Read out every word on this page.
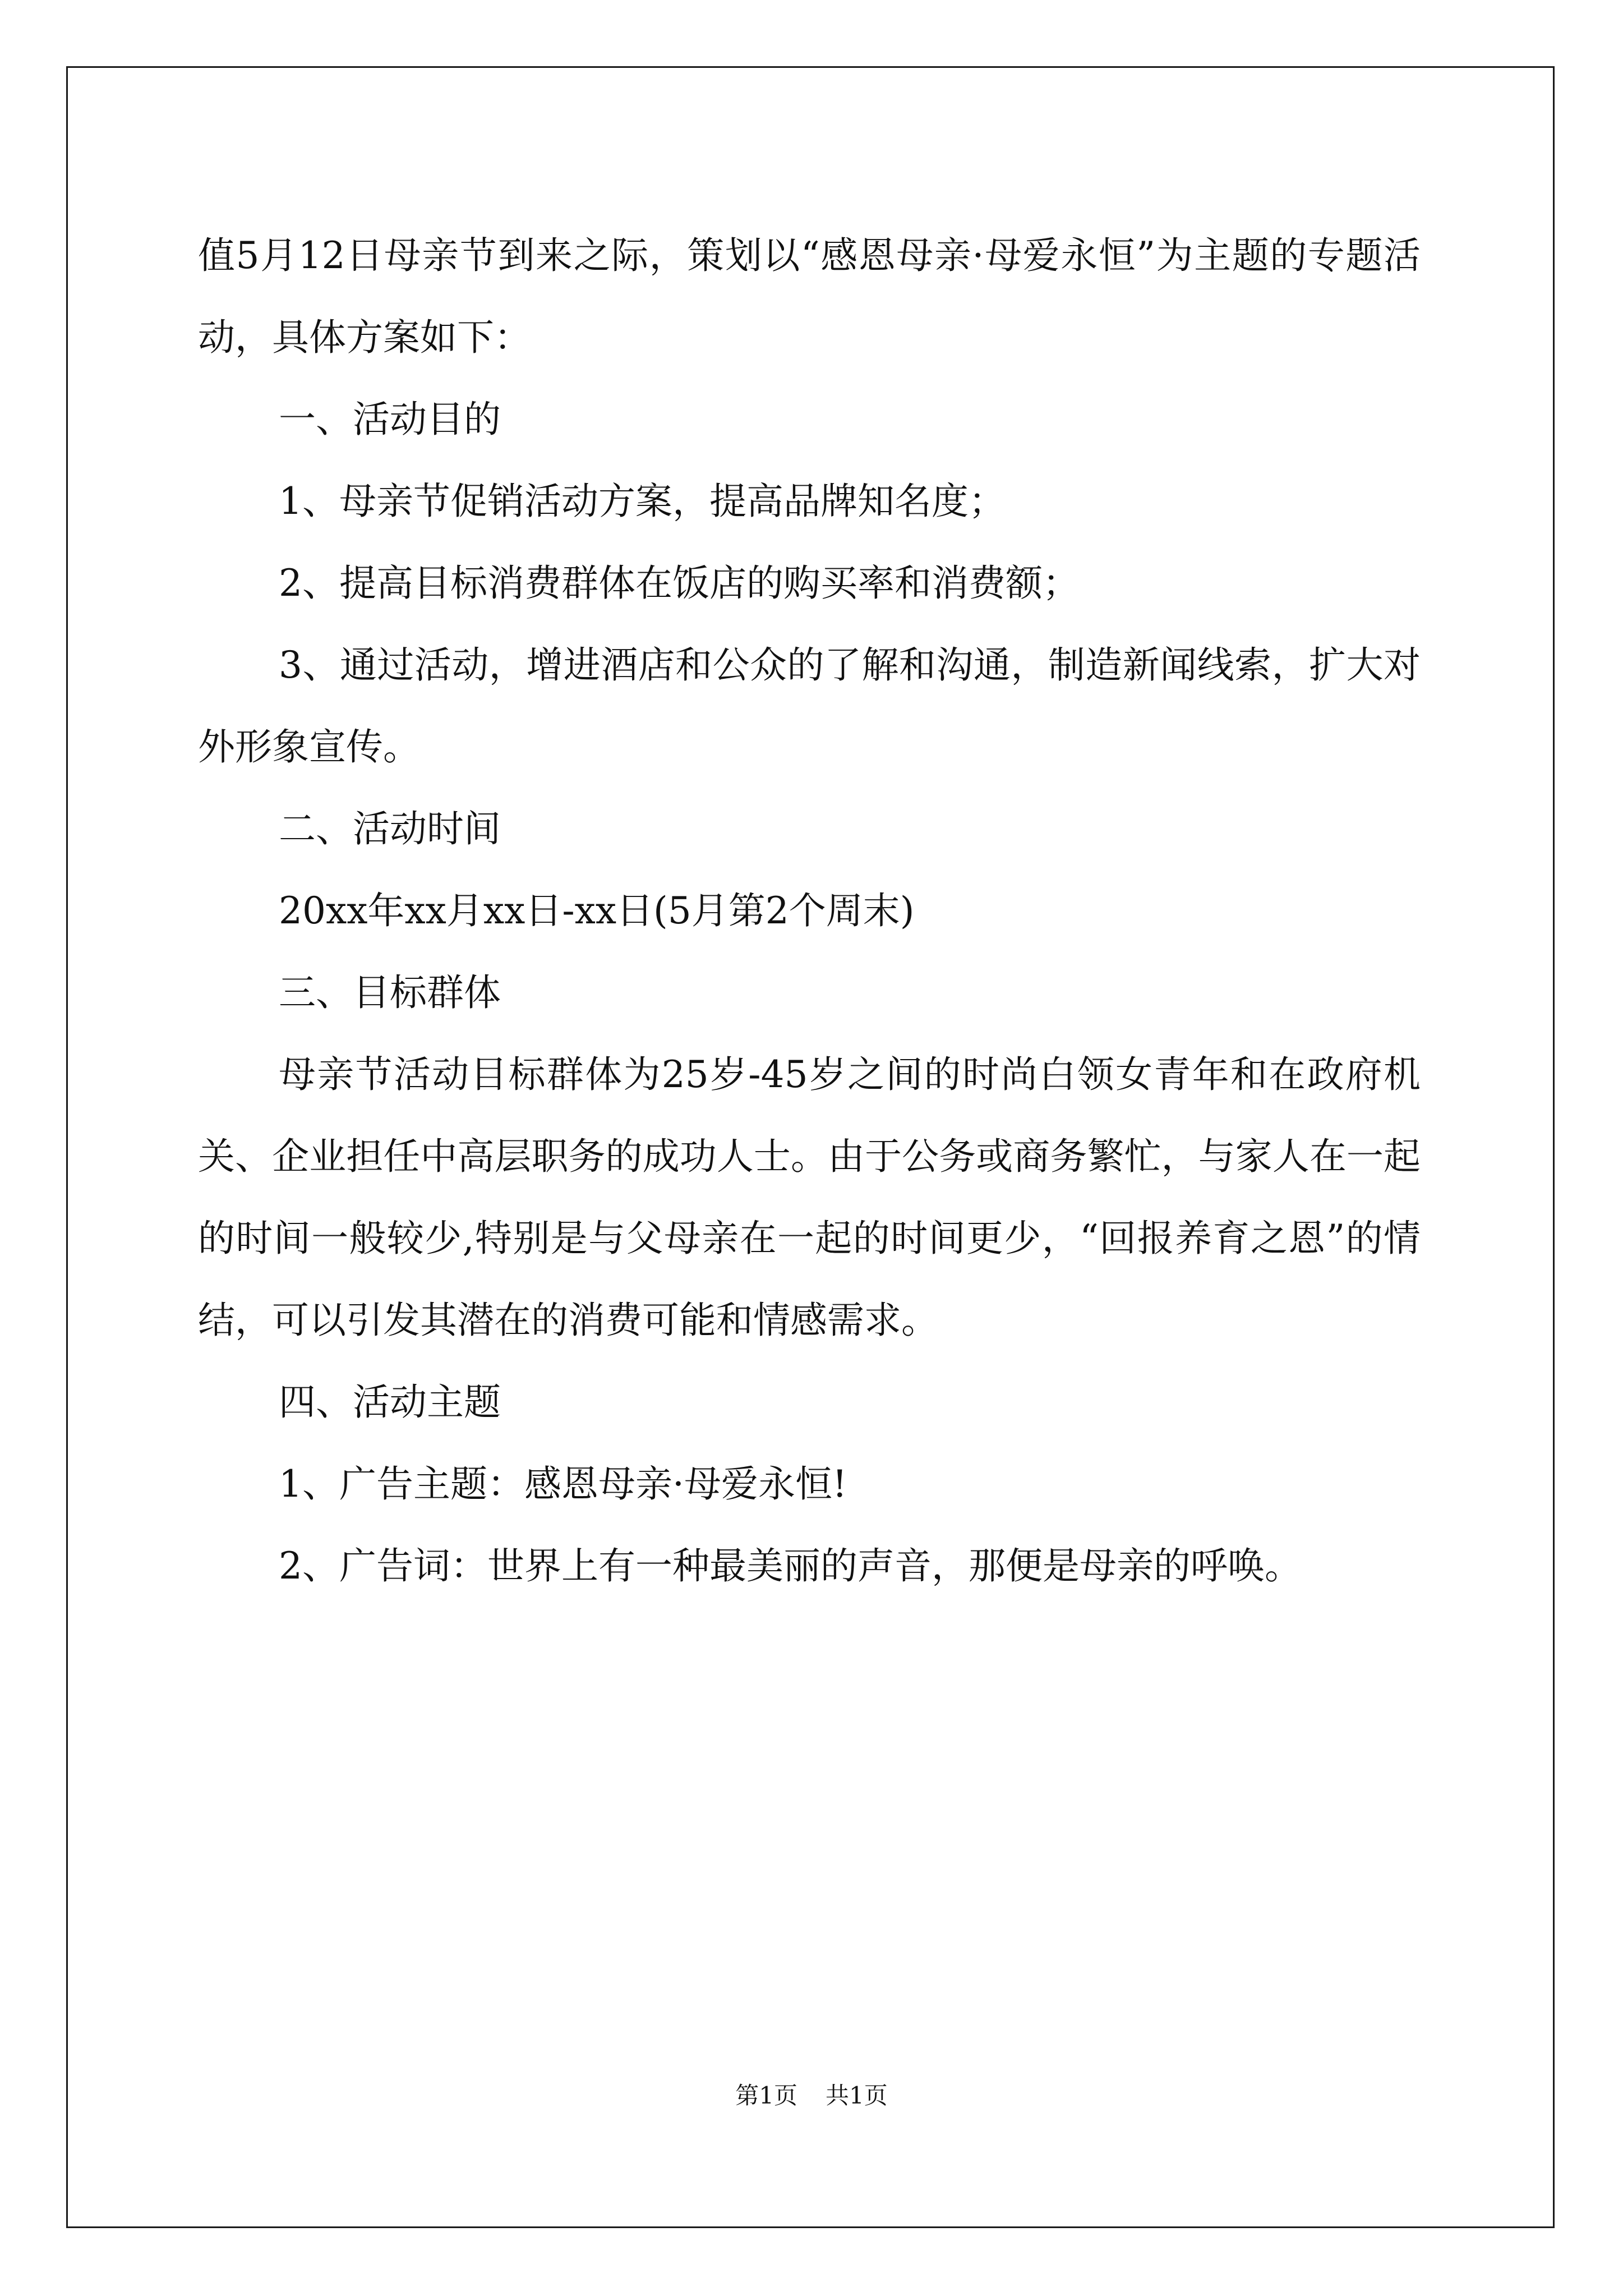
值5月12日母亲节到来之际，策划以“感恩母亲·母爱永恒”为主题的专题活动，具体方案如下：

一、活动目的

1、母亲节促销活动方案，提高品牌知名度；

2、提高目标消费群体在饭店的购买率和消费额；

3、通过活动，增进酒店和公众的了解和沟通，制造新闻线索，扩大对外形象宣传。

二、活动时间

20xx年xx月xx日-xx日(5月第2个周末)

三、目标群体

母亲节活动目标群体为25岁-45岁之间的时尚白领女青年和在政府机关、企业担任中高层职务的成功人士。由于公务或商务繁忙，与家人在一起的时间一般较少,特别是与父母亲在一起的时间更少，“回报养育之恩”的情结，可以引发其潜在的消费可能和情感需求。

四、活动主题

1、广告主题：感恩母亲·母爱永恒!

2、广告词：世界上有一种最美丽的声音，那便是母亲的呼唤。

第1页 共1页
